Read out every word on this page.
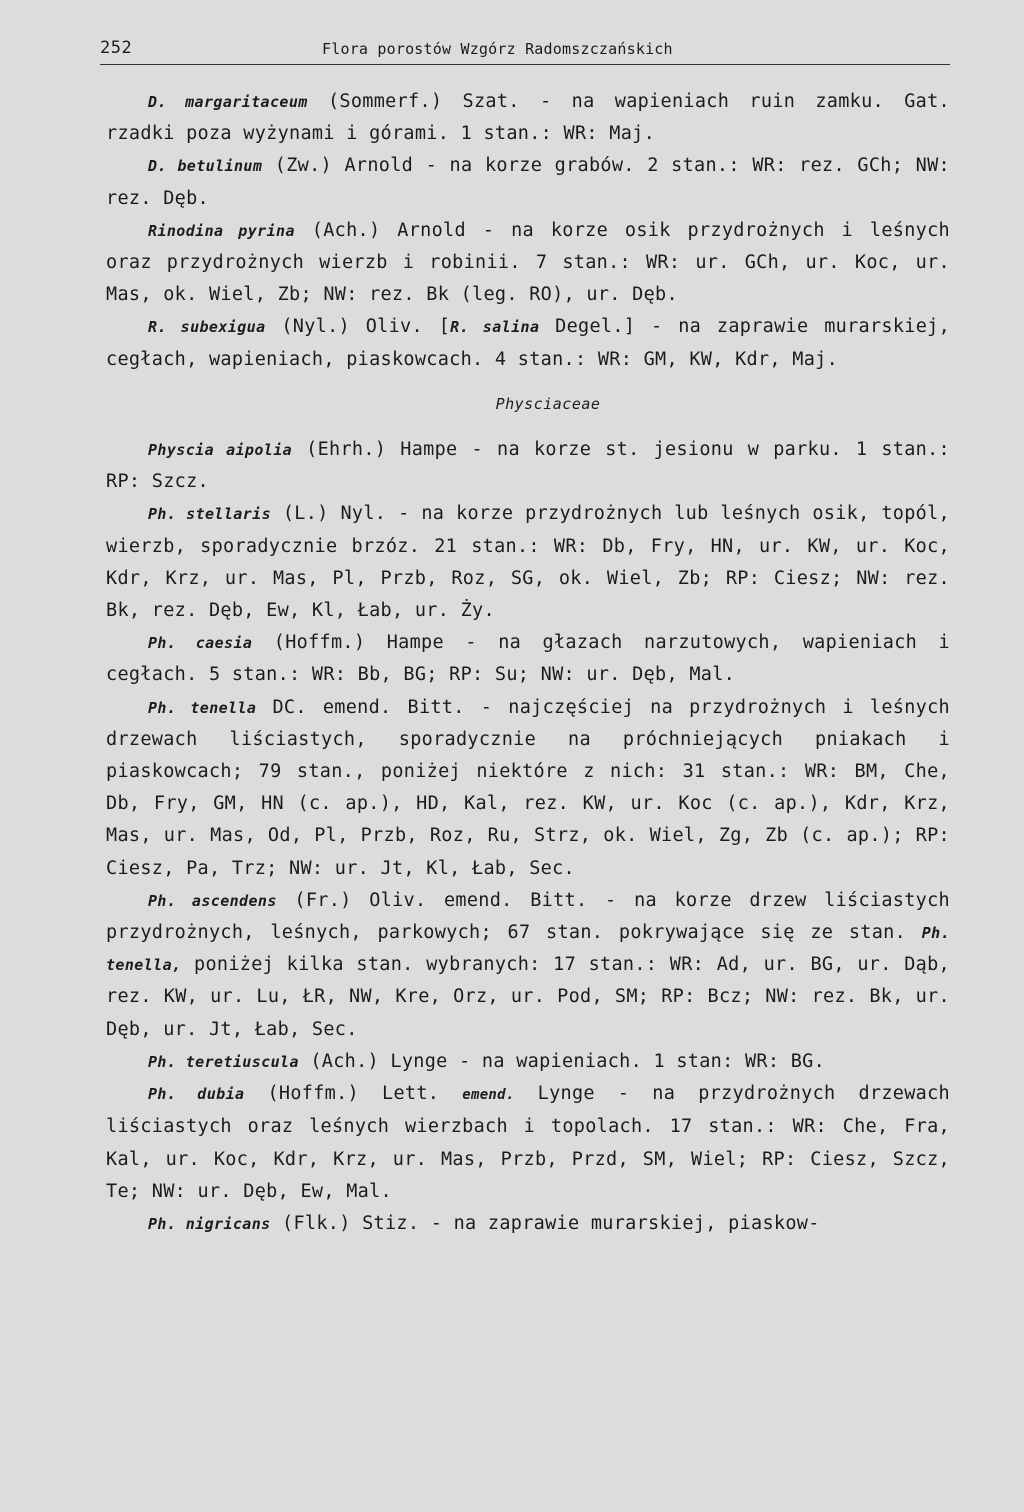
252	Flora porostów Wzgórz Radomszczańskich

D. margaritaceum (Sommerf.) Szat. - na wapieniach ruin zamku. Gat. rzadki poza wyżynami i górami. 1 stan.: WR: Maj.

D. betulinum (Zw.) Arnold - na korze grabów. 2 stan.: WR: rez. GCh; NW: rez. Dęb.

Rinodina pyrina (Ach.) Arnold - na korze osik przydrożnych i leśnych oraz przydrożnych wierzb i robinii. 7 stan.: WR: ur. GCh, ur. Koc, ur. Mas, ok. Wiel, Zb; NW: rez. Bk (leg. RO), ur. Dęb.

R. subexigua (Nyl.) Oliv. [R. salina Degel.] - na zaprawie murarskiej, cegłach, wapieniach, piaskowcach. 4 stan.: WR: GM, KW, Kdr, Maj.

Physciaceae

Physcia aipolia (Ehrh.) Hampe - na korze st. jesionu w parku. 1 stan.: RP: Szcz.

Ph. stellaris (L.) Nyl. - na korze przydrożnych lub leśnych osik, topól, wierzb, sporadycznie brzóz. 21 stan.: WR: Db, Fry, HN, ur. KW, ur. Koc, Kdr, Krz, ur. Mas, Pl, Przb, Roz, SG, ok. Wiel, Zb; RP: Ciesz; NW: rez. Bk, rez. Dęb, Ew, Kl, Łab, ur. Ży.

Ph. caesia (Hoffm.) Hampe - na głazach narzutowych, wapieniach i cegłach. 5 stan.: WR: Bb, BG; RP: Su; NW: ur. Dęb, Mal.

Ph. tenella DC. emend. Bitt. - najczęściej na przydrożnych i leśnych drzewach liściastych, sporadycznie na próchniejących pniakach i piaskowcach; 79 stan., poniżej niektóre z nich: 31 stan.: WR: BM, Che, Db, Fry, GM, HN (c. ap.), HD, Kal, rez. KW, ur. Koc (c. ap.), Kdr, Krz, Mas, ur. Mas, Od, Pl, Przb, Roz, Ru, Strz, ok. Wiel, Zg, Zb (c. ap.); RP: Ciesz, Pa, Trz; NW: ur. Jt, Kl, Łab, Sec.

Ph. ascendens (Fr.) Oliv. emend. Bitt. - na korze drzew liściastych przydrożnych, leśnych, parkowych; 67 stan. pokrywające się ze stan. Ph. tenella, poniżej kilka stan. wybranych: 17 stan.: WR: Ad, ur. BG, ur. Dąb, rez. KW, ur. Lu, ŁR, NW, Kre, Orz, ur. Pod, SM; RP: Bcz; NW: rez. Bk, ur. Dęb, ur. Jt, Łab, Sec.

Ph. teretiuscula (Ach.) Lynge - na wapieniach. 1 stan: WR: BG.

Ph. dubia (Hoffm.) Lett. emend. Lynge - na przydrożnych drzewach liściastych oraz leśnych wierzbach i topolach. 17 stan.: WR: Che, Fra, Kal, ur. Koc, Kdr, Krz, ur. Mas, Przb, Przd, SM, Wiel; RP: Ciesz, Szcz, Te; NW: ur. Dęb, Ew, Mal.

Ph. nigricans (Flk.) Stiz. - na zaprawie murarskiej, piaskow-
